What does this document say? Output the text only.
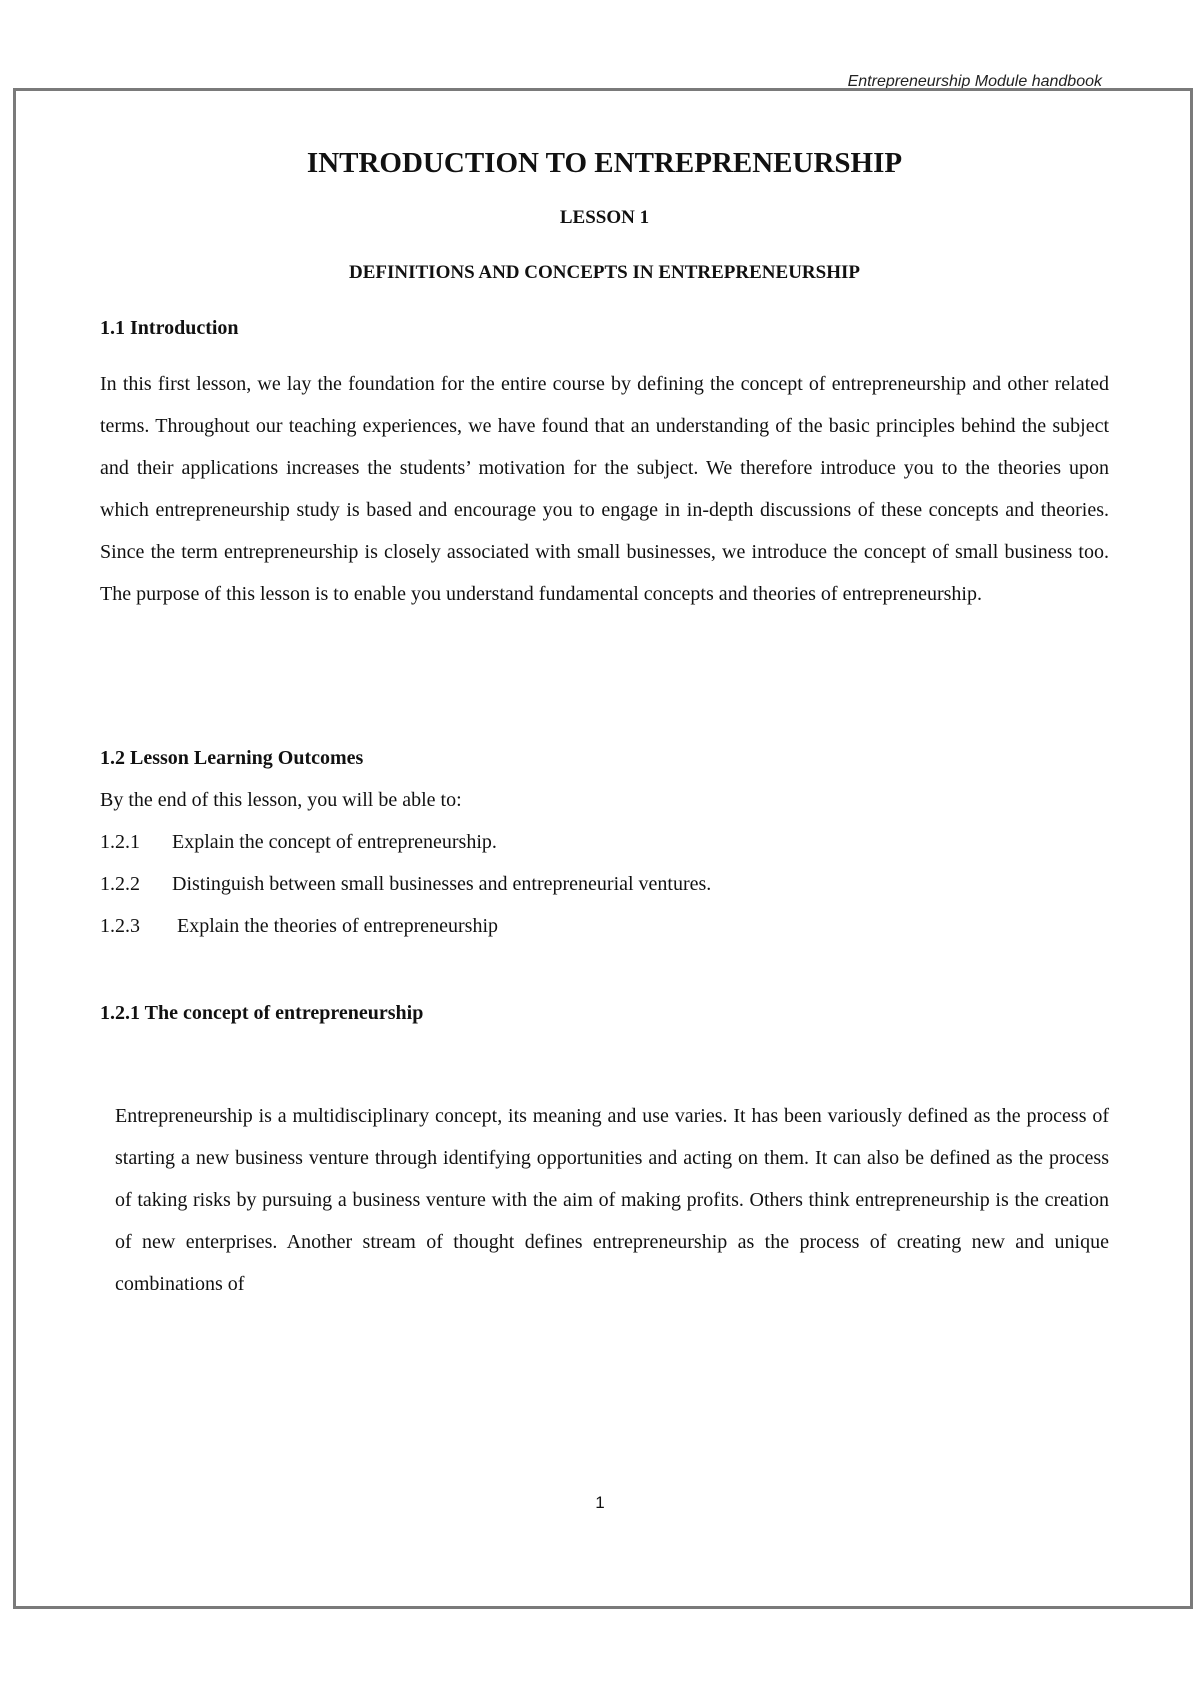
Entrepreneurship Module handbook
INTRODUCTION TO ENTREPRENEURSHIP
LESSON 1
DEFINITIONS AND CONCEPTS IN ENTREPRENEURSHIP
1.1 Introduction

In this first lesson, we lay the foundation for the entire course by defining the concept of entrepreneurship and other related terms. Throughout our teaching experiences, we have found that an understanding of the basic principles behind the subject and their applications increases the students’ motivation for the subject. We therefore introduce you to the theories upon which entrepreneurship study is based and encourage you to engage in in-depth discussions of these concepts and theories. Since the term entrepreneurship is closely associated with small businesses, we introduce the concept of small business too. The purpose of this lesson is to enable you understand fundamental concepts and theories of entrepreneurship.

1.2 Lesson Learning Outcomes
By the end of this lesson, you will be able to:
1.2.1 Explain the concept of entrepreneurship.
1.2.2 Distinguish between small businesses and entrepreneurial ventures.
1.2.3 Explain the theories of entrepreneurship
1.2.1 The concept of entrepreneurship

Entrepreneurship is a multidisciplinary concept, its meaning and use varies. It has been variously defined as the process of starting a new business venture through identifying opportunities and acting on them. It can also be defined as the process of taking risks by pursuing a business venture with the aim of making profits. Others think entrepreneurship is the creation of new enterprises. Another stream of thought defines entrepreneurship as the process of creating new and unique combinations of

1
